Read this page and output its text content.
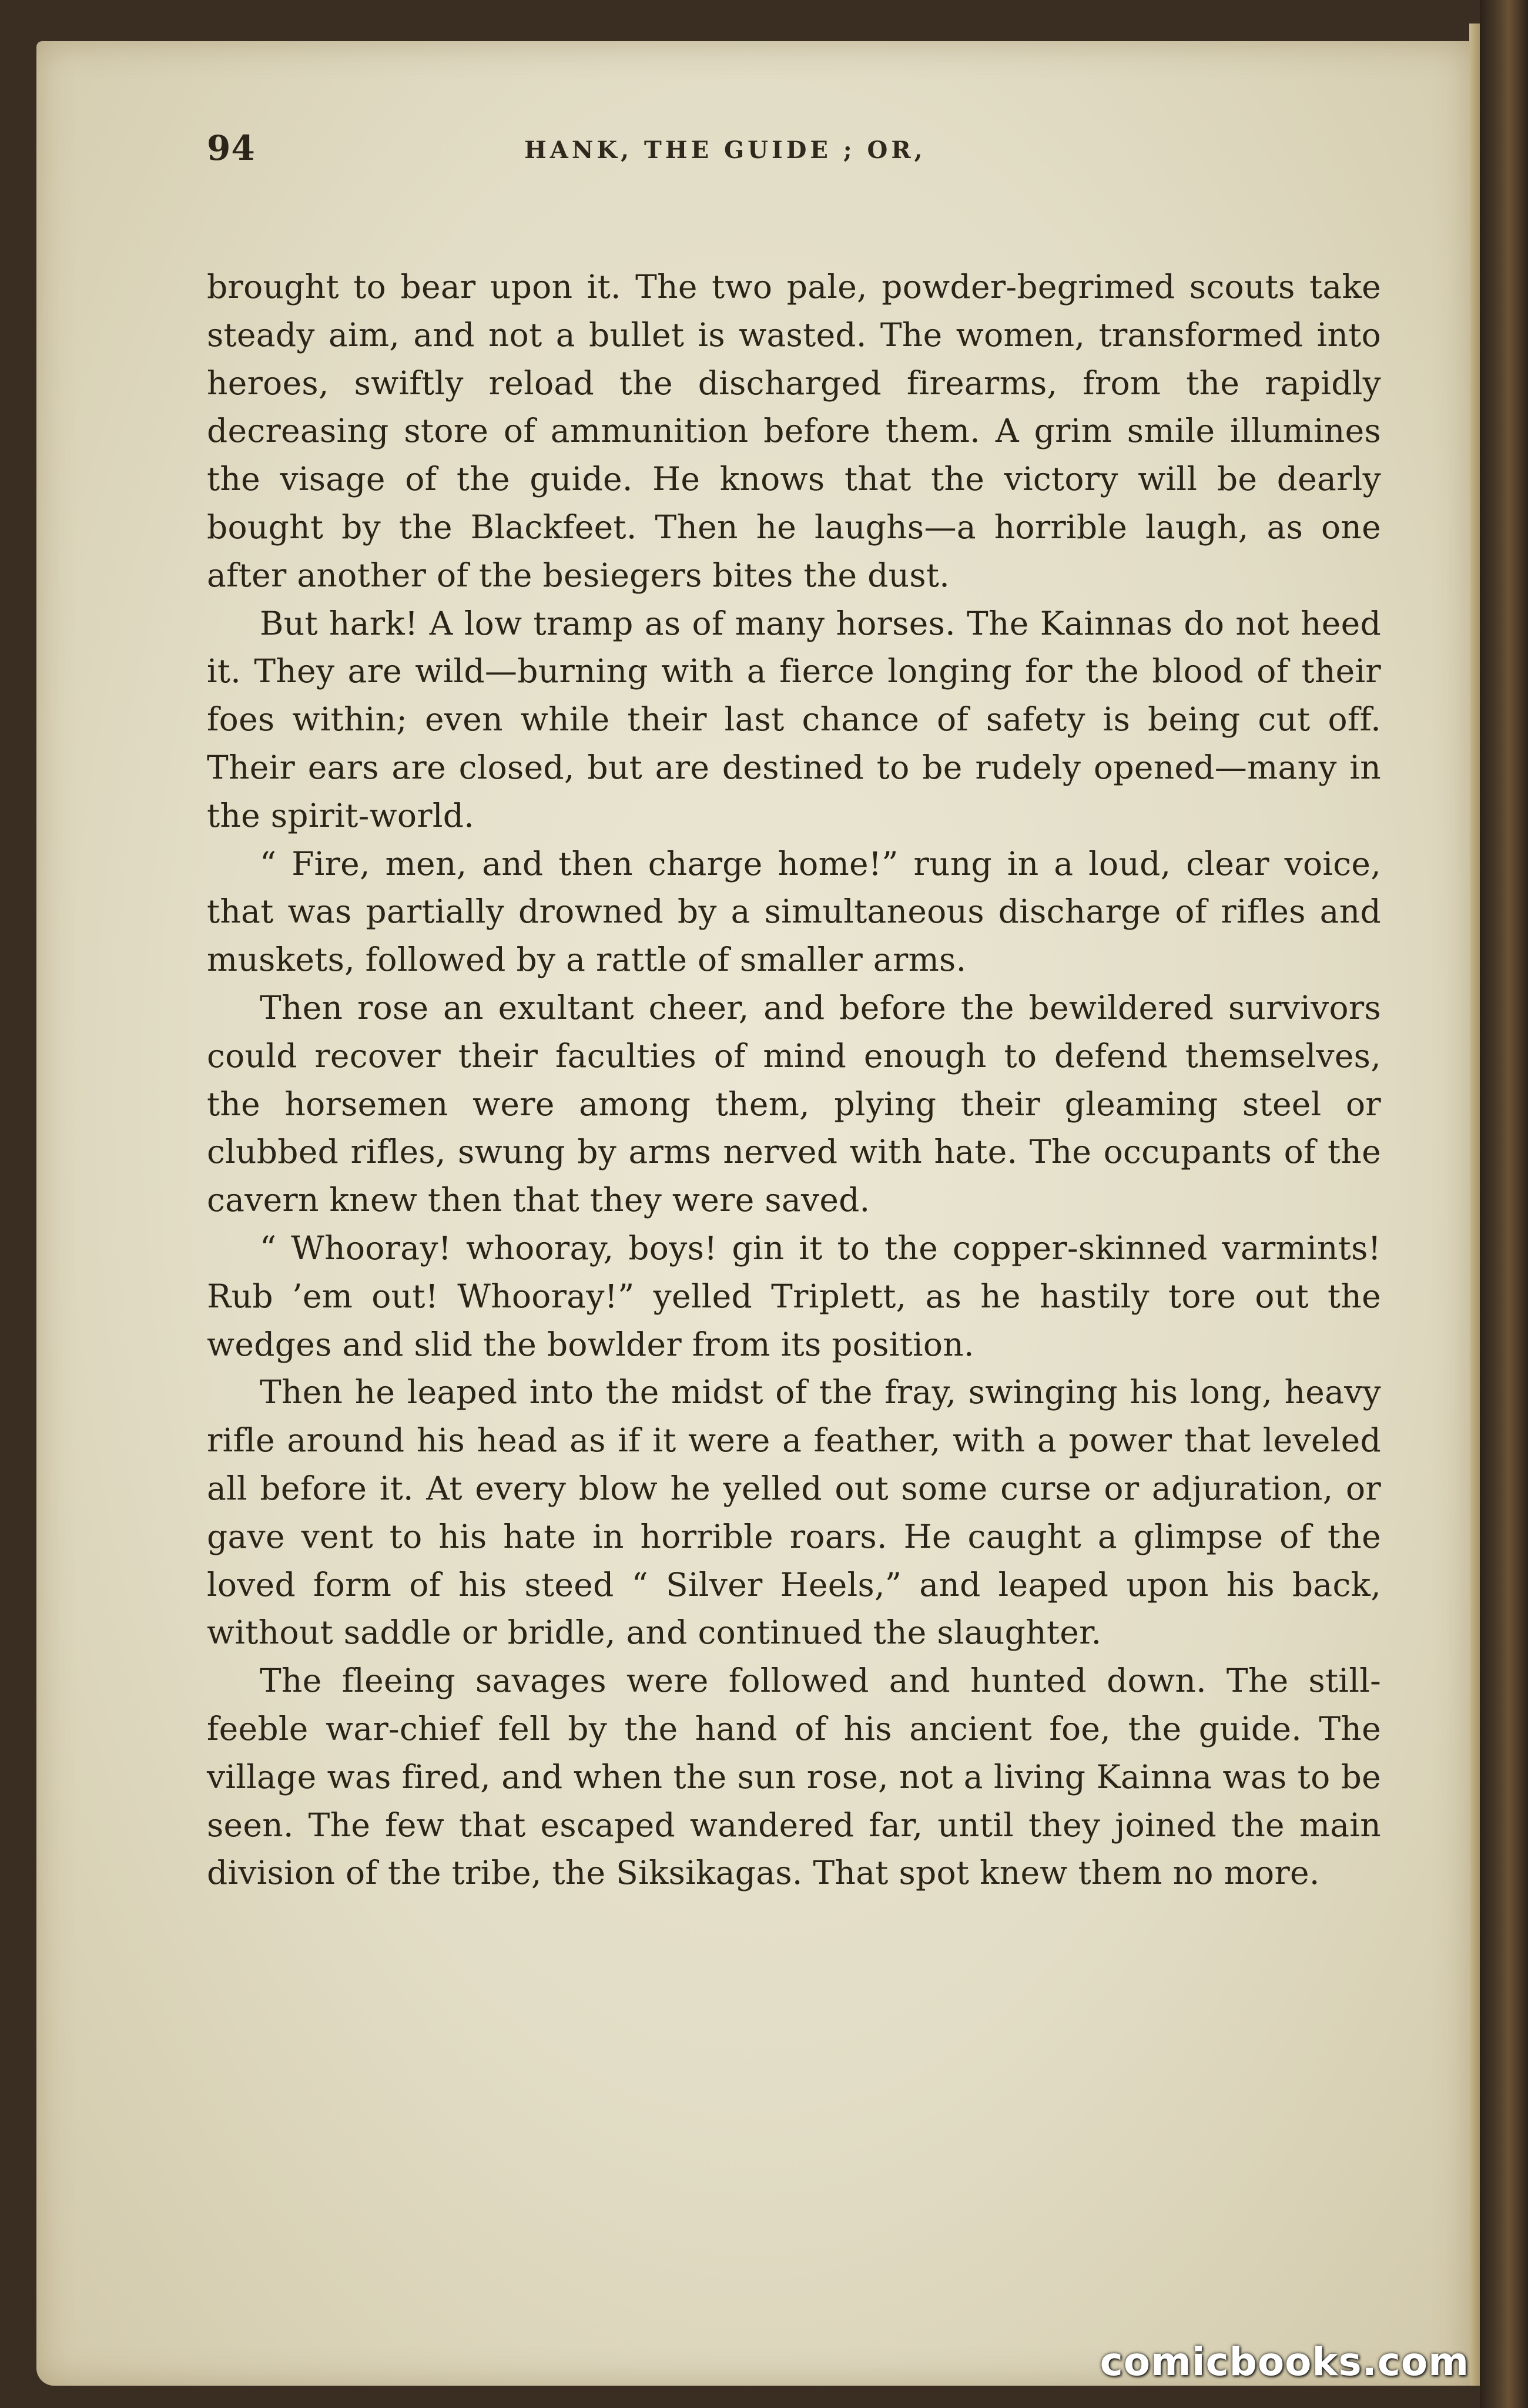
94	HANK, THE GUIDE ; OR,

brought to bear upon it. The two pale, powder-begrimed scouts take steady aim, and not a bullet is wasted. The women, transformed into heroes, swiftly reload the discharged firearms, from the rapidly decreasing store of ammunition before them. A grim smile illumines the visage of the guide. He knows that the victory will be dearly bought by the Blackfeet. Then he laughs—a horrible laugh, as one after another of the besiegers bites the dust.

But hark! A low tramp as of many horses. The Kainnas do not heed it. They are wild—burning with a fierce longing for the blood of their foes within; even while their last chance of safety is being cut off. Their ears are closed, but are destined to be rudely opened—many in the spirit-world.

“ Fire, men, and then charge home!” rung in a loud, clear voice, that was partially drowned by a simultaneous discharge of rifles and muskets, followed by a rattle of smaller arms.

Then rose an exultant cheer, and before the bewildered survivors could recover their faculties of mind enough to defend themselves, the horsemen were among them, plying their gleaming steel or clubbed rifles, swung by arms nerved with hate. The occupants of the cavern knew then that they were saved.

“ Whooray! whooray, boys! gin it to the copper-skinned varmints! Rub ’em out! Whooray!” yelled Triplett, as he hastily tore out the wedges and slid the bowlder from its position.

Then he leaped into the midst of the fray, swinging his long, heavy rifle around his head as if it were a feather, with a power that leveled all before it. At every blow he yelled out some curse or adjuration, or gave vent to his hate in horrible roars. He caught a glimpse of the loved form of his steed “ Silver Heels,” and leaped upon his back, without saddle or bridle, and continued the slaughter.

The fleeing savages were followed and hunted down. The still-feeble war-chief fell by the hand of his ancient foe, the guide. The village was fired, and when the sun rose, not a living Kainna was to be seen. The few that escaped wandered far, until they joined the main division of the tribe, the Siksikagas. That spot knew them no more.

comicbooks.com
